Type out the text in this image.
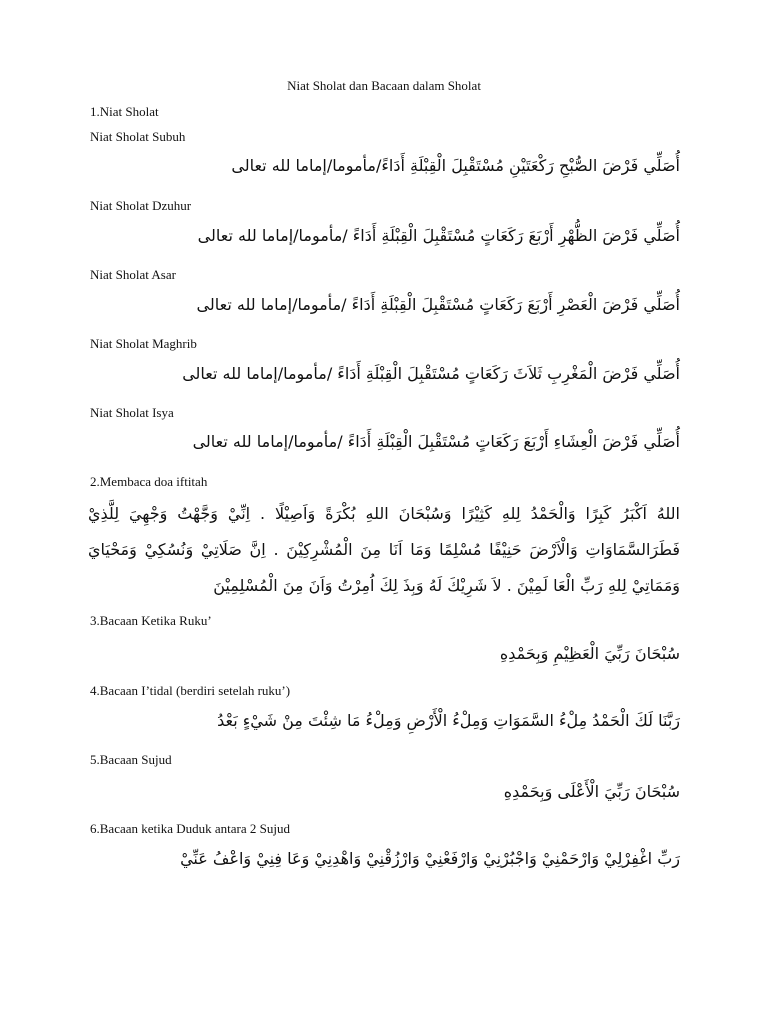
Niat Sholat dan Bacaan dalam Sholat
1.Niat Sholat
Niat Sholat Subuh
أُصَلِّي فَرْضَ الصُّبْحِ رَكْعَتَيْنِ مُسْتَقْبِلَ الْقِبْلَةِ أَدَاءً/مأموما/إماما لله تعالى
Niat Sholat Dzuhur
أُصَلِّي فَرْضَ الظُّهْرِ أَرْبَعَ رَكَعَاتٍ مُسْتَقْبِلَ الْقِبْلَةِ أَدَاءً /مأموما/إماما لله تعالى
Niat Sholat Asar
أُصَلِّي فَرْضَ الْعَصْرِ أَرْبَعَ رَكَعَاتٍ مُسْتَقْبِلَ الْقِبْلَةِ أَدَاءً /مأموما/إماما لله تعالى
Niat Sholat Maghrib
أُصَلِّي فَرْضَ الْمَغْرِبِ ثَلاَثَ رَكَعَاتٍ مُسْتَقْبِلَ الْقِبْلَةِ أَدَاءً /مأموما/إماما لله تعالى
Niat Sholat Isya
أُصَلِّي فَرْضَ الْعِشَاءِ أَرْبَعَ رَكَعَاتٍ مُسْتَقْبِلَ الْقِبْلَةِ أَدَاءً /مأموما/إماما لله تعالى
2.Membaca doa iftitah
اللهُ اَكْبَرُ كَبِرًا وَالْحَمْدُ لِلهِ كَثِيْرًا وَسُبْحَانَ اللهِ بُكْرَةً وَاَصِيْلًا . اِنِّيْ وَجَّهْتُ وَجْهِيَ لِلَّذِيْ فَطَرَالسَّمَاوَاتِ وَالْاَرْضَ حَنِيْفًا مُسْلِمًا وَمَا اَنَا مِنَ الْمُشْرِكِيْنَ . اِنَّ صَلَاتِيْ وَنُسُكِيْ وَمَحْيَايَ وَمَمَاتِيْ لِلهِ رَبِّ الْعَا لَمِيْنَ . لاَ شَرِيْكَ لَهُ وَبِذَ لِكَ اُمِرْتُ وَاَنَ مِنَ الْمُسْلِمِيْنَ
3.Bacaan Ketika Ruku’
سُبْحَانَ رَبِّيَ الْعَظِيْمِ وَبِحَمْدِهِ
4.Bacaan I’tidal (berdiri setelah ruku’)
رَبَّنَا لَكَ الْحَمْدُ مِلْءُ السَّمَوَاتِ وَمِلْءُ الْأَرْضِ وَمِلْءُ مَا شِئْتَ مِنْ شَيْءٍ بَعْدُ
5.Bacaan Sujud
سُبْحَانَ رَبِّيَ الْأَعْلَى وَبِحَمْدِهِ
6.Bacaan ketika Duduk antara 2 Sujud
رَبِّ اغْفِرْلِيْ وَارْحَمْنِيْ وَاجْبُرْنِيْ وَارْفَعْنِيْ وَارْزُقْنِيْ وَاهْدِنِيْ وَعَا فِنِيْ وَاعْفُ عَنِّيْ
